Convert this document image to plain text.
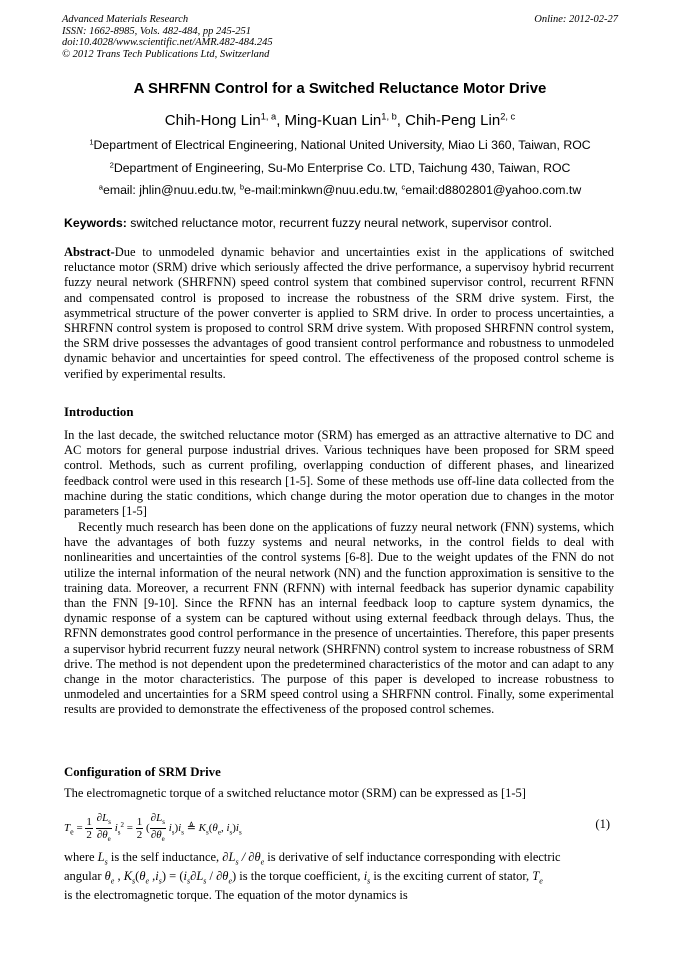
Advanced Materials Research
ISSN: 1662-8985, Vols. 482-484, pp 245-251
doi:10.4028/www.scientific.net/AMR.482-484.245
© 2012 Trans Tech Publications Ltd, Switzerland
Online: 2012-02-27
A SHRFNN Control for a Switched Reluctance Motor Drive
Chih-Hong Lin$^{1, a}$, Ming-Kuan Lin$^{1, b}$, Chih-Peng Lin$^{2, c}$
$^1$Department of Electrical Engineering, National United University, Miao Li 360, Taiwan, ROC
$^2$Department of Engineering, Su-Mo Enterprise Co. LTD, Taichung 430, Taiwan, ROC
$^a$email: jhlin@nuu.edu.tw, $^b$e-mail:minkwn@nuu.edu.tw, $^c$email:d8802801@yahoo.com.tw
Keywords: switched reluctance motor, recurrent fuzzy neural network, supervisor control.
Abstract-Due to unmodeled dynamic behavior and uncertainties exist in the applications of switched reluctance motor (SRM) drive which seriously affected the drive performance, a supervisoy hybrid recurrent fuzzy neural network (SHRFNN) speed control system that combined supervisor control, recurrent RFNN and compensated control is proposed to increase the robustness of the SRM drive system. First, the asymmetrical structure of the power converter is applied to SRM drive. In order to process uncertainties, a SHRFNN control system is proposed to control SRM drive system. With proposed SHRFNN control system, the SRM drive possesses the advantages of good transient control performance and robustness to unmodeled dynamic behavior and uncertainties for speed control. The effectiveness of the proposed control scheme is verified by experimental results.
Introduction
In the last decade, the switched reluctance motor (SRM) has emerged as an attractive alternative to DC and AC motors for general purpose industrial drives. Various techniques have been proposed for SRM speed control. Methods, such as current profiling, overlapping conduction of different phases, and linearized feedback control were used in this research [1-5]. Some of these methods use off-line data collected from the machine during the static conditions, which change during the motor operation due to changes in the motor parameters [1-5]
Recently much research has been done on the applications of fuzzy neural network (FNN) systems, which have the advantages of both fuzzy systems and neural networks, in the control fields to deal with nonlinearities and uncertainties of the control systems [6-8]. Due to the weight updates of the FNN do not utilize the internal information of the neural network (NN) and the function approximation is sensitive to the training data. Moreover, a recurrent FNN (RFNN) with internal feedback has superior dynamic capability than the FNN [9-10]. Since the RFNN has an internal feedback loop to capture system dynamics, the dynamic response of a system can be captured without using external feedback through delays. Thus, the RFNN demonstrates good control performance in the presence of uncertainties. Therefore, this paper presents a supervisor hybrid recurrent fuzzy neural network (SHRFNN) control system to increase robustness of SRM drive. The method is not dependent upon the predetermined characteristics of the motor and can adapt to any change in the motor characteristics. The purpose of this paper is developed to increase robustness to unmodeled and uncertainties for a SRM speed control using a SHRFNN control. Finally, some experimental results are provided to demonstrate the effectiveness of the proposed control schemes.
Configuration of SRM Drive
The electromagnetic torque of a switched reluctance motor (SRM) can be expressed as [1-5]
$T_e = \frac{1}{2}$
$\frac{\partial L_s}{\partial\theta_e} i_s^2 = \frac{1}{2}$ ( $\frac{\partial L_s}{\partial\theta_e} i_s)i_s$ ≜ $K_s(\theta_e$, $i_s)i_s$
(1)
where $L_s$ is the self inductance, $\partial L_s / \partial\theta_e$ is derivative of self inductance corresponding with electric
angular $\theta_e$ , $K_s(\theta_e$ $,i_s) = (i_s\partial L_s / \partial\theta_e)$ is the torque coefficient, $i_s$ is the exciting current of stator, $T_e$
is the electromagnetic torque. The equation of the motor dynamics is
